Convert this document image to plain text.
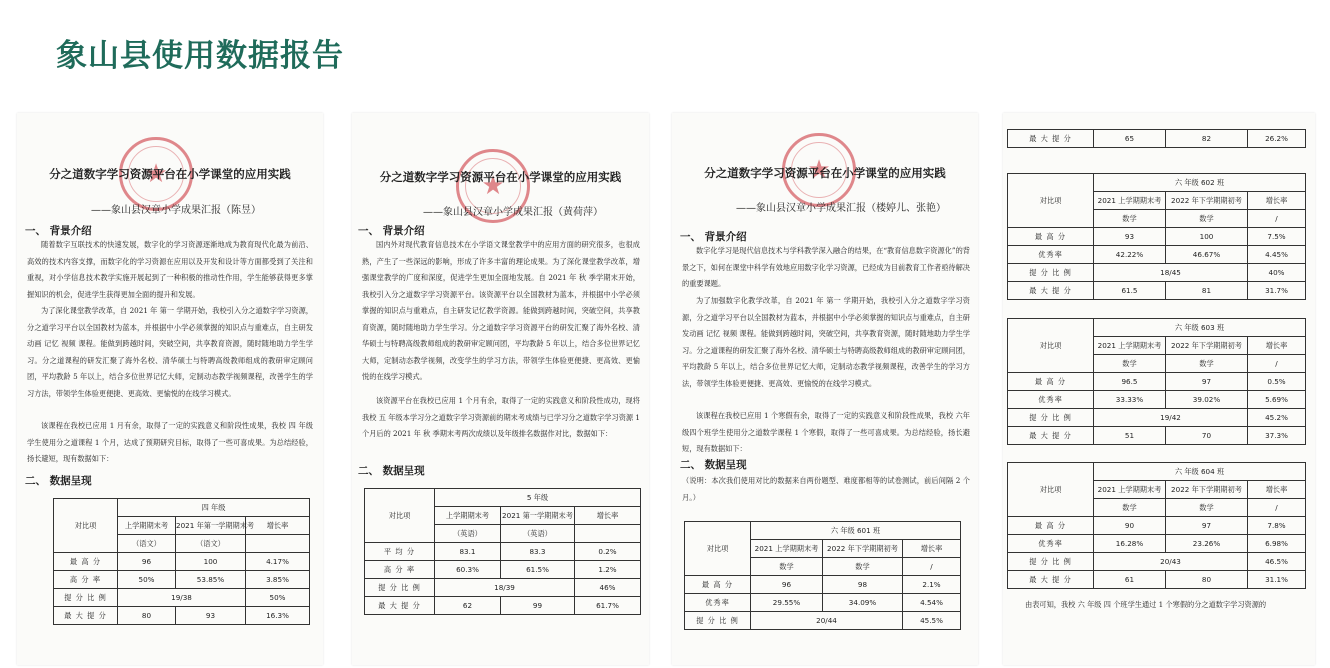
象山县使用数据报告
★
分之道数字学习资源平台在小学课堂的应用实践
——象山县汉章小学成果汇报（陈昱）
一、 背景介绍

随着数字互联技术的快速发展，数字化的学习资源逐渐地成为教育现代化最为前沿、高效的技术内容支撑，而数字化的学习资源在应用以及开发和设计等方面都受到了关注和重视，对小学信息技术教学实施开展起到了一种积极的推动性作用，学生能够获得更多掌握知识的机会，促进学生获得更加全面的提升和发展。

为了深化课堂教学改革，自 2021 年 第一 学期开始，我校引入分之道数字学习资源，分之道学习平台以全国教材为蓝本，并根据中小学必须掌握的知识点与重难点，自主研发动画 记忆 视频 课程。能做到跨越时间，突破空间，共享教育资源，随时随地助力学生学习。分之道课程的研发汇聚了海外名校、清华硕士与特聘高级教师组成的教研审定顾问团，平均教龄 5 年以上，结合多位世界记忆大师，定制动态教学视频课程，改善学生的学习方法，带领学生体验更便捷、更高效、更愉悦的在线学习模式。

该课程在我校已应用 1 月有余，取得了一定的实践意义和阶段性成果，我校 四 年级学生使用分之道课程 1 个月，达成了预期研究目标，取得了一些可喜成果。为总结经验，扬长避短，现有数据如下：

二、 数据呈现
对比项	四 年级		
	上学期期末考	2021 年第一学期期末考	增长率
	（语文）	（语文）	
最 高 分	96	100	4.17%
高 分 率	50%	53.85%	3.85%
提 分 比 例	19/38		50%
最 大 提 分	80	93	16.3%
★
分之道数字学习资源平台在小学课堂的应用实践
——象山县汉章小学成果汇报（黄荷萍）
一、 背景介绍

国内外对现代教育信息技术在小学语文课堂教学中的应用方面的研究很多，也很成熟，产生了一些深远的影响，形成了许多丰富的理论成果。为了深化课堂教学改革，增强课堂教学的广度和深度，促进学生更加全面地发展。自 2021 年 秋 季学期末开始，我校引入分之道数字学习资源平台。该资源平台以全国教材为蓝本，并根据中小学必须掌握的知识点与重难点，自主研发记忆教学资源。能做到跨越时间，突破空间，共享教育资源，随时随地助力学生学习。分之道数字学习资源平台的研发汇聚了海外名校、清华硕士与特聘高级教师组成的教研审定顾问团，平均教龄 5 年以上，结合多位世界记忆大师，定制动态教学视频，改变学生的学习方法，带领学生体验更便捷、更高效、更愉悦的在线学习模式。

该资源平台在我校已应用 1 个月有余，取得了一定的实践意义和阶段性成功，现将我校 五 年级本学习分之道数字学习资源前的期末考成绩与已学习分之道数字学习资源 1 个月后的 2021 年 秋 季期末考两次成绩以及年级排名数据作对比，数据如下：

二、 数据呈现
对比项	5 年级		
	上学期期末考	2021 第一学期期末考	增长率
	（英语）	（英语）	
平 均 分	83.1	83.3	0.2%
高 分 率	60.3%	61.5%	1.2%
提 分 比 例	18/39		46%
最 大 提 分	62	99	61.7%
★
分之道数字学习资源平台在小学课堂的应用实践
——象山县汉章小学成果汇报（楼婷儿、张艳）
一、 背景介绍

数字化学习是现代信息技术与学科教学深入融合的结果，在“教育信息数字资源化”的背景之下，如何在课堂中科学有效地应用数字化学习资源，已经成为目前教育工作者亟待解决的重要课题。

为了加强数字化教学改革，自 2021 年 第一 学期开始，我校引入分之道数字学习资源，分之道学习平台以全国教材为蓝本，并根据中小学必须掌握的知识点与重难点，自主研发动画 记忆 视频 课程。能做到跨越时间，突破空间，共享教育资源，随时随地助力学生学习。分之道课程的研发汇聚了海外名校、清华硕士与特聘高级教师组成的教研审定顾问团，平均教龄 5 年以上，结合多位世界记忆大师，定制动态教学视频课程，改善学生的学习方法，带领学生体验更便捷、更高效、更愉悦的在线学习模式。

该课程在我校已应用 1 个寒假有余，取得了一定的实践意义和阶段性成果，我校 六年级四个班学生使用分之道数学课程 1 个寒假，取得了一些可喜成果。为总结经验，扬长避短，现有数据如下：

二、 数据呈现

（说明：本次我们使用对比的数据来自两份题型、难度都相等的试卷测试，前后间隔 2 个月。）

对比项	六 年级 601 班		
	2021 上学期期末考	2022 年下学期期初考	增长率
	数学	数学	/
最 高 分	96	98	2.1%
优秀率	29.55%	34.09%	4.54%
提 分 比 例	20/44		45.5%
最 大 提 分	65	82	26.2%
对比项	六 年级 602 班		
	2021 上学期期末考	2022 年下学期期初考	增长率
	数学	数学	/
最 高 分	93	100	7.5%
优秀率	42.22%	46.67%	4.45%
提 分 比 例	18/45		40%
最 大 提 分	61.5	81	31.7%
对比项	六 年级 603 班		
	2021 上学期期末考	2022 年下学期期初考	增长率
	数学	数学	/
最 高 分	96.5	97	0.5%
优秀率	33.33%	39.02%	5.69%
提 分 比 例	19/42		45.2%
最 大 提 分	51	70	37.3%
对比项	六 年级 604 班		
	2021 上学期期末考	2022 年下学期期初考	增长率
	数学	数学	/
最 高 分	90	97	7.8%
优秀率	16.28%	23.26%	6.98%
提 分 比 例	20/43		46.5%
最 大 提 分	61	80	31.1%

由表可知，我校 六 年级 四 个班学生通过 1 个寒假的分之道数字学习资源的
